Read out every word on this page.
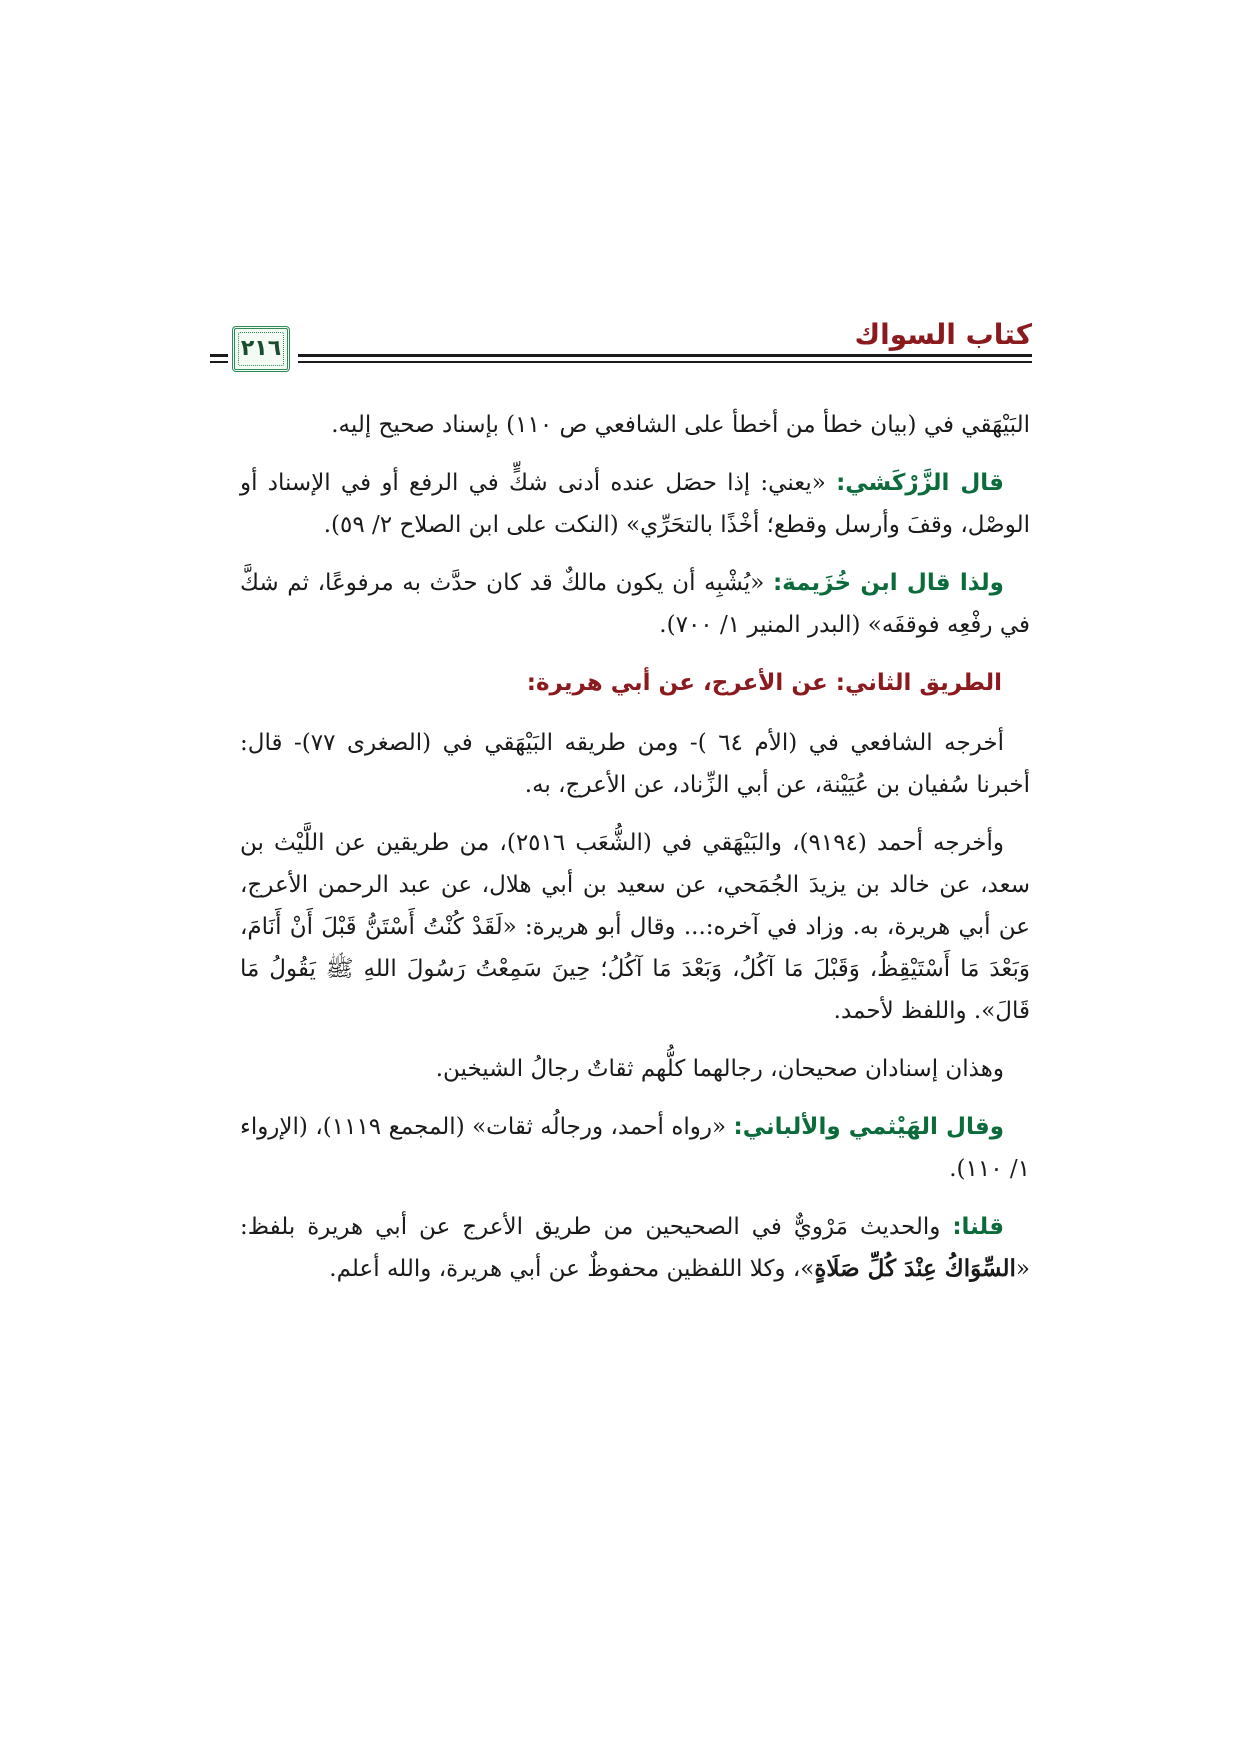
كتاب السواك
٢١٦

البَيْهَقي في (بيان خطأ من أخطأ على الشافعي ص ١١٠) بإسناد صحيح إليه.

قال الزَّرْكَشي: «يعني: إذا حصَل عنده أدنى شكٍّ في الرفع أو في الإسناد أو الوصْل، وقفَ وأرسل وقطع؛ أخْذًا بالتحَرِّي» (النكت على ابن الصلاح ٢/ ٥٩).

ولذا قال ابن خُزَيمة: «يُشْبِه أن يكون مالكٌ قد كان حدَّث به مرفوعًا، ثم شكَّ في رفْعِه فوقفَه» (البدر المنير ١/ ٧٠٠).

الطريق الثاني: عن الأعرج، عن أبي هريرة:

أخرجه الشافعي في (الأم ٦٤ )- ومن طريقه البَيْهَقي في (الصغرى ٧٧)- قال: أخبرنا سُفيان بن عُيَيْنة، عن أبي الزِّناد، عن الأعرج، به.

وأخرجه أحمد (٩١٩٤)، والبَيْهَقي في (الشُّعَب ٢٥١٦)، من طريقين عن اللَّيْث بن سعد، عن خالد بن يزيدَ الجُمَحي، عن سعيد بن أبي هلال، عن عبد الرحمن الأعرج، عن أبي هريرة، به. وزاد في آخره:... وقال أبو هريرة: «لَقَدْ كُنْتُ أَسْتَنُّ قَبْلَ أَنْ أَنَامَ، وَبَعْدَ مَا أَسْتَيْقِظُ، وَقَبْلَ مَا آكُلُ، وَبَعْدَ مَا آكُلُ؛ حِينَ سَمِعْتُ رَسُولَ اللهِ ﷺ يَقُولُ مَا قَالَ». واللفظ لأحمد.

وهذان إسنادان صحيحان، رجالهما كلُّهم ثقاتٌ رجالُ الشيخين.

وقال الهَيْثمي والألباني: «رواه أحمد، ورجالُه ثقات» (المجمع ١١١٩)، (الإرواء ١/ ١١٠).

قلنا: والحديث مَرْويٌّ في الصحيحين من طريق الأعرج عن أبي هريرة بلفظ: «السِّوَاكُ عِنْدَ كُلِّ صَلَاةٍ»، وكلا اللفظين محفوظٌ عن أبي هريرة، والله أعلم.
